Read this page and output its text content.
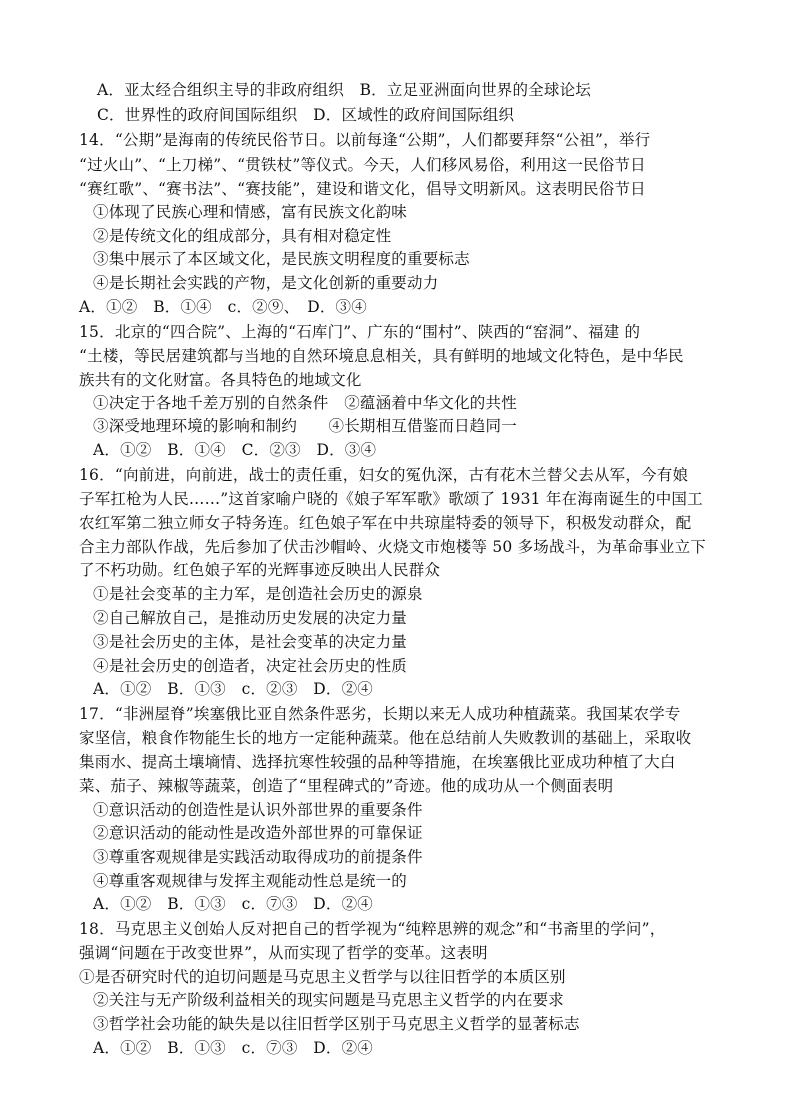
A．亚太经合组织主导的非政府组织　B．立足亚洲面向世界的全球论坛
C．世界性的政府间国际组织　D．区域性的政府间国际组织
14．“公期”是海南的传统民俗节日。以前每逢“公期”，人们都要拜祭“公祖”，举行
“过火山”、“上刀梯”、“贯铁杖”等仪式。今天，人们移风易俗，利用这一民俗节日
“赛红歌”、“赛书法”、“赛技能”，建设和谐文化，倡导文明新风。这表明民俗节日
①体现了民族心理和情感，富有民族文化韵味
②是传统文化的组成部分，具有相对稳定性
③集中展示了本区域文化，是民族文明程度的重要标志
④是长期社会实践的产物，是文化创新的重要动力
A．①②　B．①④　c．②⑨、　D．③④
15．北京的“四合院”、上海的“石库门”、广东的“围村”、陕西的“窑洞”、福建 的
“土楼，等民居建筑都与当地的自然环境息息相关，具有鲜明的地域文化特色，是中华民
族共有的文化财富。各具特色的地域文化
①决定于各地千差万别的自然条件　②蕴涵着中华文化的共性
③深受地理环境的影响和制约　　④长期相互借鉴而日趋同一
A．①②　B．①④　C．②③　D．③④
16．“向前进，向前进，战士的责任重，妇女的冤仇深，古有花木兰替父去从军，今有娘
子军扛枪为人民……”这首家喻户晓的《娘子军军歌》歌颂了 1931 年在海南诞生的中国工
农红军第二独立师女子特务连。红色娘子军在中共琼崖特委的领导下，积极发动群众，配
合主力部队作战，先后参加了伏击沙帽岭、火烧文市炮楼等 50 多场战斗，为革命事业立下
了不朽功勋。红色娘子军的光辉事迹反映出人民群众
①是社会变革的主力军，是创造社会历史的源泉
②自己解放自己，是推动历史发展的决定力量
③是社会历史的主体，是社会变革的决定力量
④是社会历史的创造者，决定社会历史的性质
A．①②　B．①③　c．②③　D．②④
17．“非洲屋脊”埃塞俄比亚自然条件恶劣，长期以来无人成功种植蔬菜。我国某农学专
家坚信，粮食作物能生长的地方一定能种蔬菜。他在总结前人失败教训的基础上，采取收
集雨水、提高土壤墒情、选择抗寒性较强的品种等措施，在埃塞俄比亚成功种植了大白
菜、茄子、辣椒等蔬菜，创造了“里程碑式的”奇迹。他的成功从一个侧面表明
①意识活动的创造性是认识外部世界的重要条件
②意识活动的能动性是改造外部世界的可靠保证
③尊重客观规律是实践活动取得成功的前提条件
④尊重客观规律与发挥主观能动性总是统一的
A．①②　B．①③　c．⑦③　D．②④
18．马克思主义创始人反对把自己的哲学视为“纯粹思辨的观念”和“书斋里的学问”，
强调“问题在于改变世界”，从而实现了哲学的变革。这表明
①是否研究时代的迫切问题是马克思主义哲学与以往旧哲学的本质区别
②关注与无产阶级利益相关的现实问题是马克思主义哲学的内在要求
③哲学社会功能的缺失是以往旧哲学区别于马克思主义哲学的显著标志
A．①②　B．①③　c．⑦③　D．②④
